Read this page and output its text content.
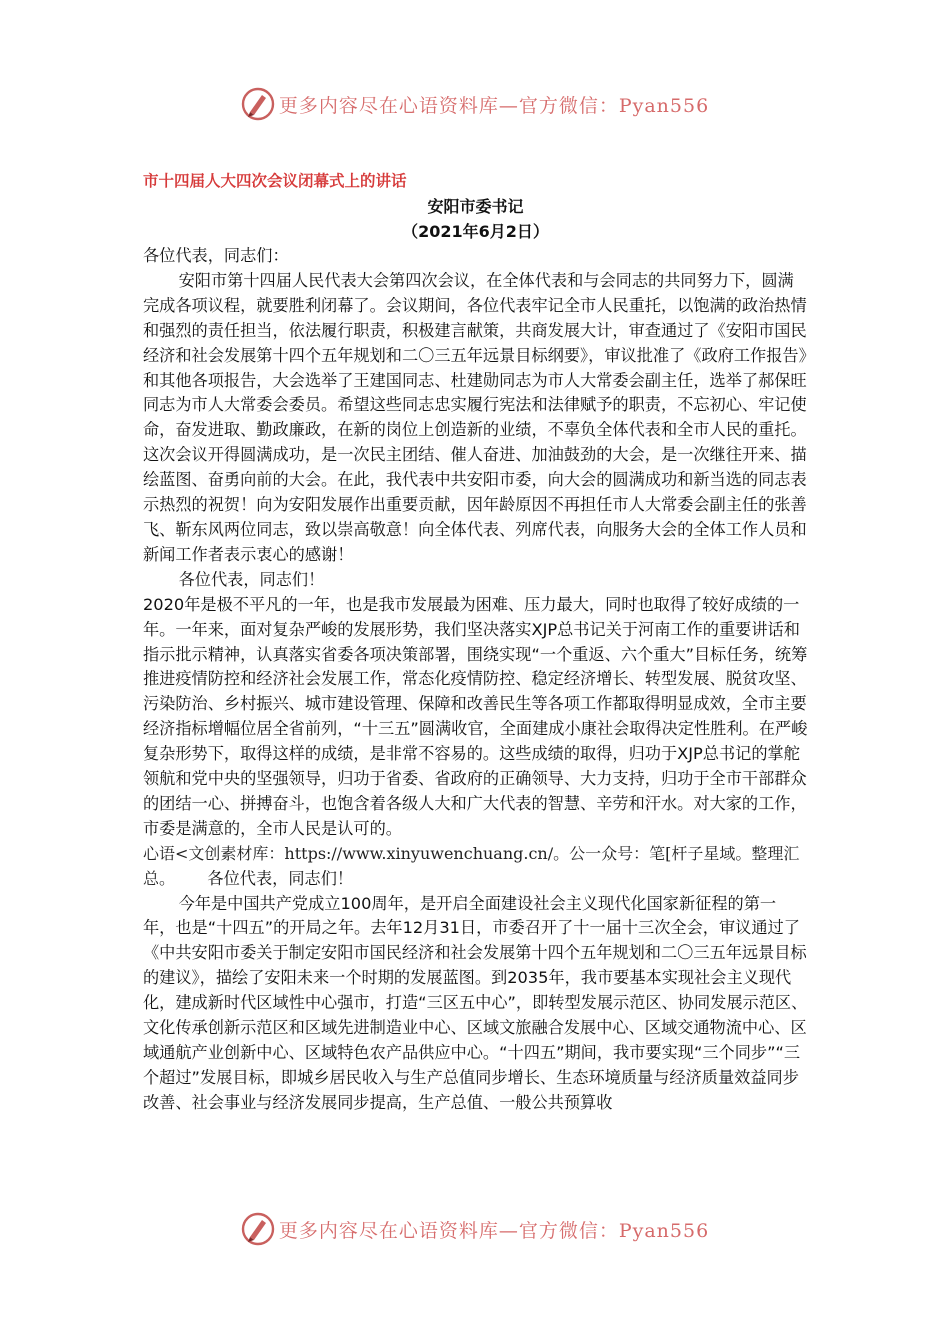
更多内容尽在心语资料库—官方微信：Pyan556

市十四届人大四次会议闭幕式上的讲话

安阳市委书记

（2021年6月2日）

各位代表，同志们：

安阳市第十四届人民代表大会第四次会议，在全体代表和与会同志的共同努力下，圆满完成各项议程，就要胜利闭幕了。会议期间，各位代表牢记全市人民重托，以饱满的政治热情和强烈的责任担当，依法履行职责，积极建言献策，共商发展大计，审查通过了《安阳市国民经济和社会发展第十四个五年规划和二〇三五年远景目标纲要》，审议批准了《政府工作报告》和其他各项报告，大会选举了王建国同志、杜建勋同志为市人大常委会副主任，选举了郝保旺同志为市人大常委会委员。希望这些同志忠实履行宪法和法律赋予的职责，不忘初心、牢记使命，奋发进取、勤政廉政，在新的岗位上创造新的业绩，不辜负全体代表和全市人民的重托。这次会议开得圆满成功，是一次民主团结、催人奋进、加油鼓劲的大会，是一次继往开来、描绘蓝图、奋勇向前的大会。在此，我代表中共安阳市委，向大会的圆满成功和新当选的同志表示热烈的祝贺！向为安阳发展作出重要贡献，因年龄原因不再担任市人大常委会副主任的张善飞、靳东风两位同志，致以崇高敬意！向全体代表、列席代表，向服务大会的全体工作人员和新闻工作者表示衷心的感谢！

各位代表，同志们！

2020年是极不平凡的一年，也是我市发展最为困难、压力最大，同时也取得了较好成绩的一年。一年来，面对复杂严峻的发展形势，我们坚决落实XJP总书记关于河南工作的重要讲话和指示批示精神，认真落实省委各项决策部署，围绕实现“一个重返、六个重大”目标任务，统筹推进疫情防控和经济社会发展工作，常态化疫情防控、稳定经济增长、转型发展、脱贫攻坚、污染防治、乡村振兴、城市建设管理、保障和改善民生等各项工作都取得明显成效，全市主要经济指标增幅位居全省前列，“十三五”圆满收官，全面建成小康社会取得决定性胜利。在严峻复杂形势下，取得这样的成绩，是非常不容易的。这些成绩的取得，归功于XJP总书记的掌舵领航和党中央的坚强领导，归功于省委、省政府的正确领导、大力支持，归功于全市干部群众的团结一心、拼搏奋斗，也饱含着各级人大和广大代表的智慧、辛劳和汗水。对大家的工作，市委是满意的，全市人民是认可的。

心语<文创素材库：https://www.xinyuwenchuang.cn/。公一众号：笔[杆子星域。整理汇总。   各位代表，同志们！

今年是中国共产党成立100周年，是开启全面建设社会主义现代化国家新征程的第一年，也是“十四五”的开局之年。去年12月31日，市委召开了十一届十三次全会，审议通过了《中共安阳市委关于制定安阳市国民经济和社会发展第十四个五年规划和二〇三五年远景目标的建议》，描绘了安阳未来一个时期的发展蓝图。到2035年，我市要基本实现社会主义现代化，建成新时代区域性中心强市，打造“三区五中心”，即转型发展示范区、协同发展示范区、文化传承创新示范区和区域先进制造业中心、区域文旅融合发展中心、区域交通物流中心、区域通航产业创新中心、区域特色农产品供应中心。“十四五”期间，我市要实现“三个同步”“三个超过”发展目标，即城乡居民收入与生产总值同步增长、生态环境质量与经济质量效益同步改善、社会事业与经济发展同步提高，生产总值、一般公共预算收

更多内容尽在心语资料库—官方微信：Pyan556
